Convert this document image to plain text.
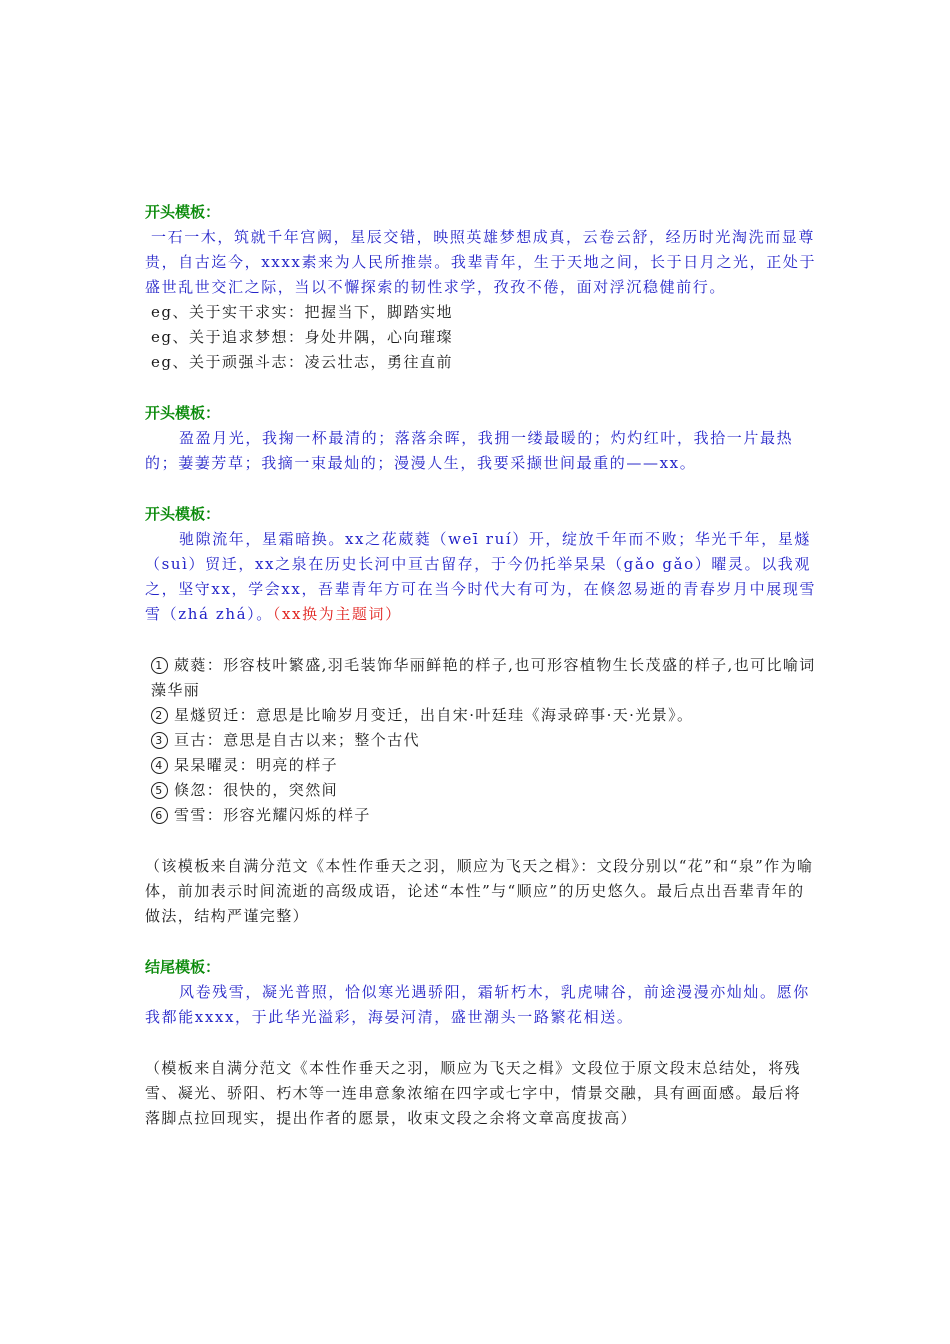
开头模板：

一石一木，筑就千年宫阙，星辰交错，映照英雄梦想成真，云卷云舒，经历时光淘洗而显尊贵，自古迄今，xxxx素来为人民所推崇。我辈青年，生于天地之间，长于日月之光，正处于盛世乱世交汇之际，当以不懈探索的韧性求学，孜孜不倦，面对浮沉稳健前行。

eg、关于实干求实：把握当下，脚踏实地

eg、关于追求梦想：身处井隅，心向璀璨

eg、关于顽强斗志：凌云壮志，勇往直前

开头模板：

盈盈月光，我掬一杯最清的；落落余晖，我拥一缕最暖的；灼灼红叶，我拾一片最热的；萋萋芳草；我摘一束最灿的；漫漫人生，我要采撷世间最重的——xx。

开头模板：

驰隙流年，星霜暗换。xx之花葳蕤（weī ruí）开，绽放千年而不败；华光千年，星燧（suì）贸迁，xx之泉在历史长河中亘古留存，于今仍托举杲杲（gǎo gǎo）曜灵。以我观之，坚守xx，学会xx，吾辈青年方可在当今时代大有可为，在倏忽易逝的青春岁月中展现雪雪（zhá zhá）。（xx换为主题词）

1 葳蕤：形容枝叶繁盛,羽毛装饰华丽鲜艳的样子,也可形容植物生长茂盛的样子,也可比喻词藻华丽

2 星燧贸迁：意思是比喻岁月变迁，出自宋·叶廷珪《海录碎事·天·光景》。

3 亘古：意思是自古以来；整个古代

4 杲杲曜灵：明亮的样子

5 倏忽：很快的，突然间

6 雪雪：形容光耀闪烁的样子

（该模板来自满分范文《本性作垂天之羽，顺应为飞天之楫》：文段分别以“花”和“泉”作为喻体，前加表示时间流逝的高级成语，论述“本性”与“顺应”的历史悠久。最后点出吾辈青年的做法，结构严谨完整）

结尾模板：

风卷残雪，凝光普照，恰似寒光遇骄阳，霜斩朽木，乳虎啸谷，前途漫漫亦灿灿。愿你我都能xxxx，于此华光溢彩，海晏河清，盛世潮头一路繁花相送。

（模板来自满分范文《本性作垂天之羽，顺应为飞天之楫》文段位于原文段末总结处，将残雪、凝光、骄阳、朽木等一连串意象浓缩在四字或七字中，情景交融，具有画面感。最后将落脚点拉回现实，提出作者的愿景，收束文段之余将文章高度拔高）
